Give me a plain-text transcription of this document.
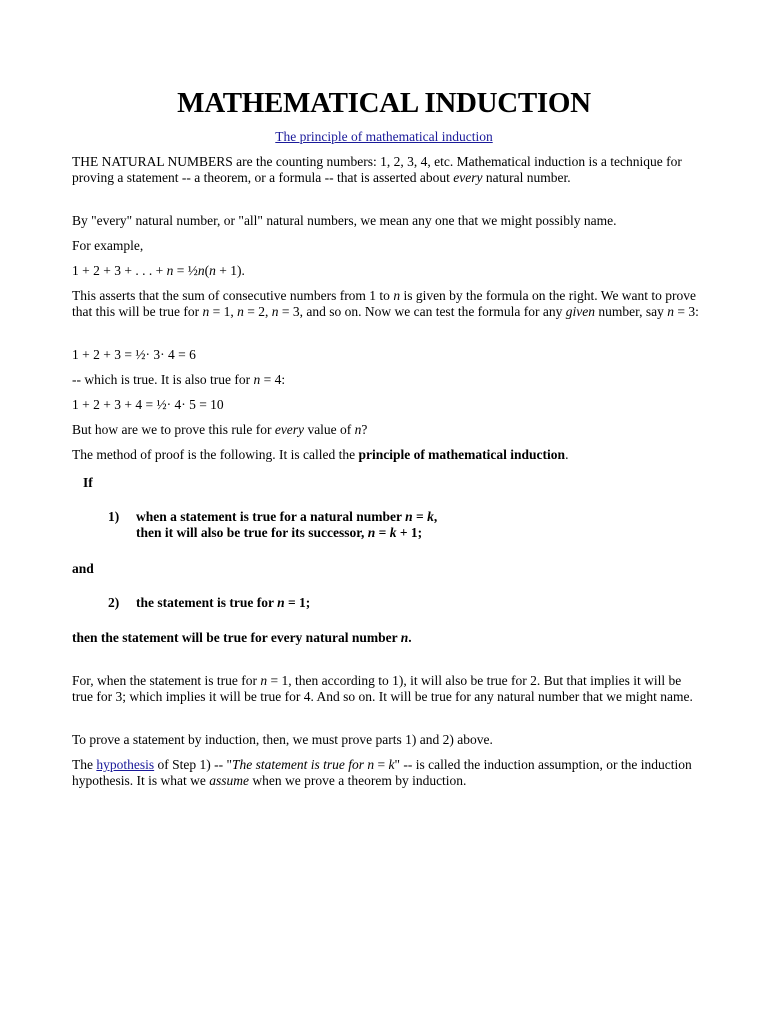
MATHEMATICAL INDUCTION
The principle of mathematical induction
THE NATURAL NUMBERS are the counting numbers: 1, 2, 3, 4, etc. Mathematical induction is a technique for proving a statement -- a theorem, or a formula -- that is asserted about every natural number.
By "every" natural number, or "all" natural numbers, we mean any one that we might possibly name.
For example,
1 + 2 + 3 + . . . + n = ½n(n + 1).
This asserts that the sum of consecutive numbers from 1 to n is given by the formula on the right. We want to prove that this will be true for n = 1, n = 2, n = 3, and so on. Now we can test the formula for any given number, say n = 3:
1 + 2 + 3 = ½· 3· 4 = 6
-- which is true. It is also true for n = 4:
1 + 2 + 3 + 4 = ½· 4· 5 = 10
But how are we to prove this rule for every value of n?
The method of proof is the following. It is called the principle of mathematical induction.
If
1) when a statement is true for a natural number n = k,
then it will also be true for its successor, n = k + 1;
and
2) the statement is true for n = 1;
then the statement will be true for every natural number n.
For, when the statement is true for n = 1, then according to 1), it will also be true for 2. But that implies it will be true for 3; which implies it will be true for 4. And so on. It will be true for any natural number that we might name.
To prove a statement by induction, then, we must prove parts 1) and 2) above.
The hypothesis of Step 1) -- "The statement is true for n = k" -- is called the induction assumption, or the induction hypothesis. It is what we assume when we prove a theorem by induction.
